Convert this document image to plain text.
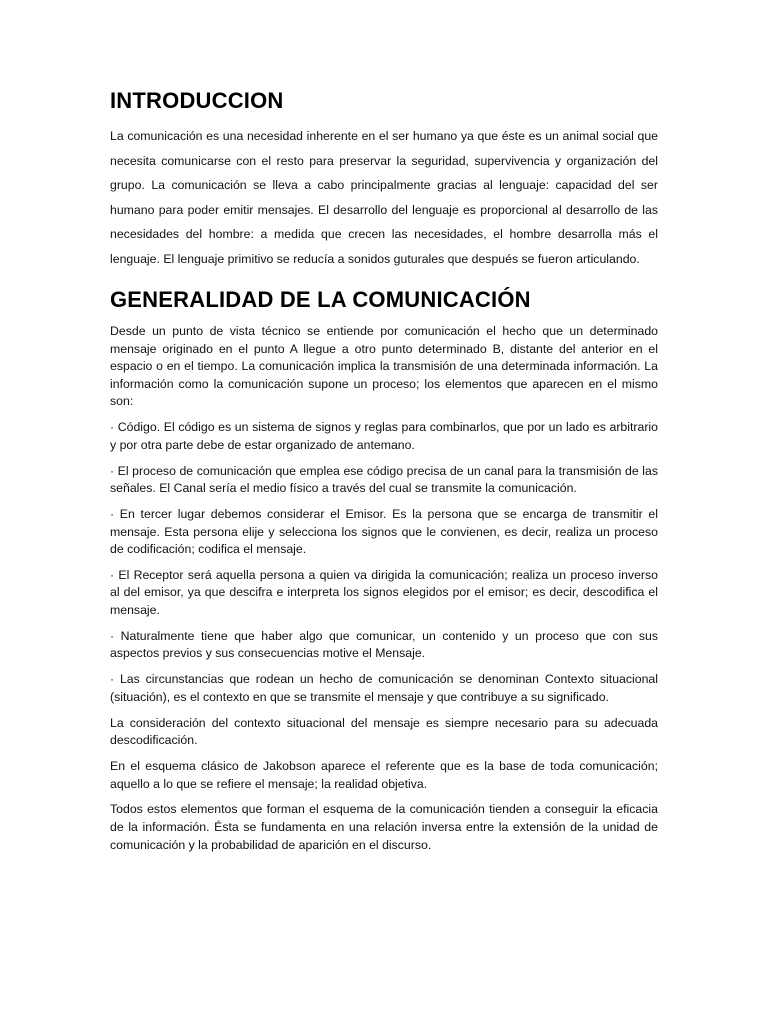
INTRODUCCION

La comunicación es una necesidad inherente en el ser humano ya que éste es un animal social que necesita comunicarse con el resto para preservar la seguridad, supervivencia y organización del grupo. La comunicación se lleva a cabo principalmente gracias al lenguaje: capacidad del ser humano para poder emitir mensajes. El desarrollo del lenguaje es proporcional al desarrollo de las necesidades del hombre: a medida que crecen las necesidades, el hombre desarrolla más el lenguaje. El lenguaje primitivo se reducía a sonidos guturales que después se fueron articulando.

GENERALIDAD DE LA COMUNICACIÓN

Desde un punto de vista técnico se entiende por comunicación el hecho que un determinado mensaje originado en el punto A llegue a otro punto determinado B, distante del anterior en el espacio o en el tiempo. La comunicación implica la transmisión de una determinada información. La información como la comunicación supone un proceso; los elementos que aparecen en el mismo son:

· Código. El código es un sistema de signos y reglas para combinarlos, que por un lado es arbitrario y por otra parte debe de estar organizado de antemano.

· El proceso de comunicación que emplea ese código precisa de un canal para la transmisión de las señales. El Canal sería el medio físico a través del cual se transmite la comunicación.

· En tercer lugar debemos considerar el Emisor. Es la persona que se encarga de transmitir el mensaje. Esta persona elije y selecciona los signos que le convienen, es decir, realiza un proceso de codificación; codifica el mensaje.

· El Receptor será aquella persona a quien va dirigida la comunicación; realiza un proceso inverso al del emisor, ya que descifra e interpreta los signos elegidos por el emisor; es decir, descodifica el mensaje.

· Naturalmente tiene que haber algo que comunicar, un contenido y un proceso que con sus aspectos previos y sus consecuencias motive el Mensaje.

· Las circunstancias que rodean un hecho de comunicación se denominan Contexto situacional (situación), es el contexto en que se transmite el mensaje y que contribuye a su significado.

La consideración del contexto situacional del mensaje es siempre necesario para su adecuada descodificación.

En el esquema clásico de Jakobson aparece el referente que es la base de toda comunicación; aquello a lo que se refiere el mensaje; la realidad objetiva.

Todos estos elementos que forman el esquema de la comunicación tienden a conseguir la eficacia de la información. Ésta se fundamenta en una relación inversa entre la extensión de la unidad de comunicación y la probabilidad de aparición en el discurso.
